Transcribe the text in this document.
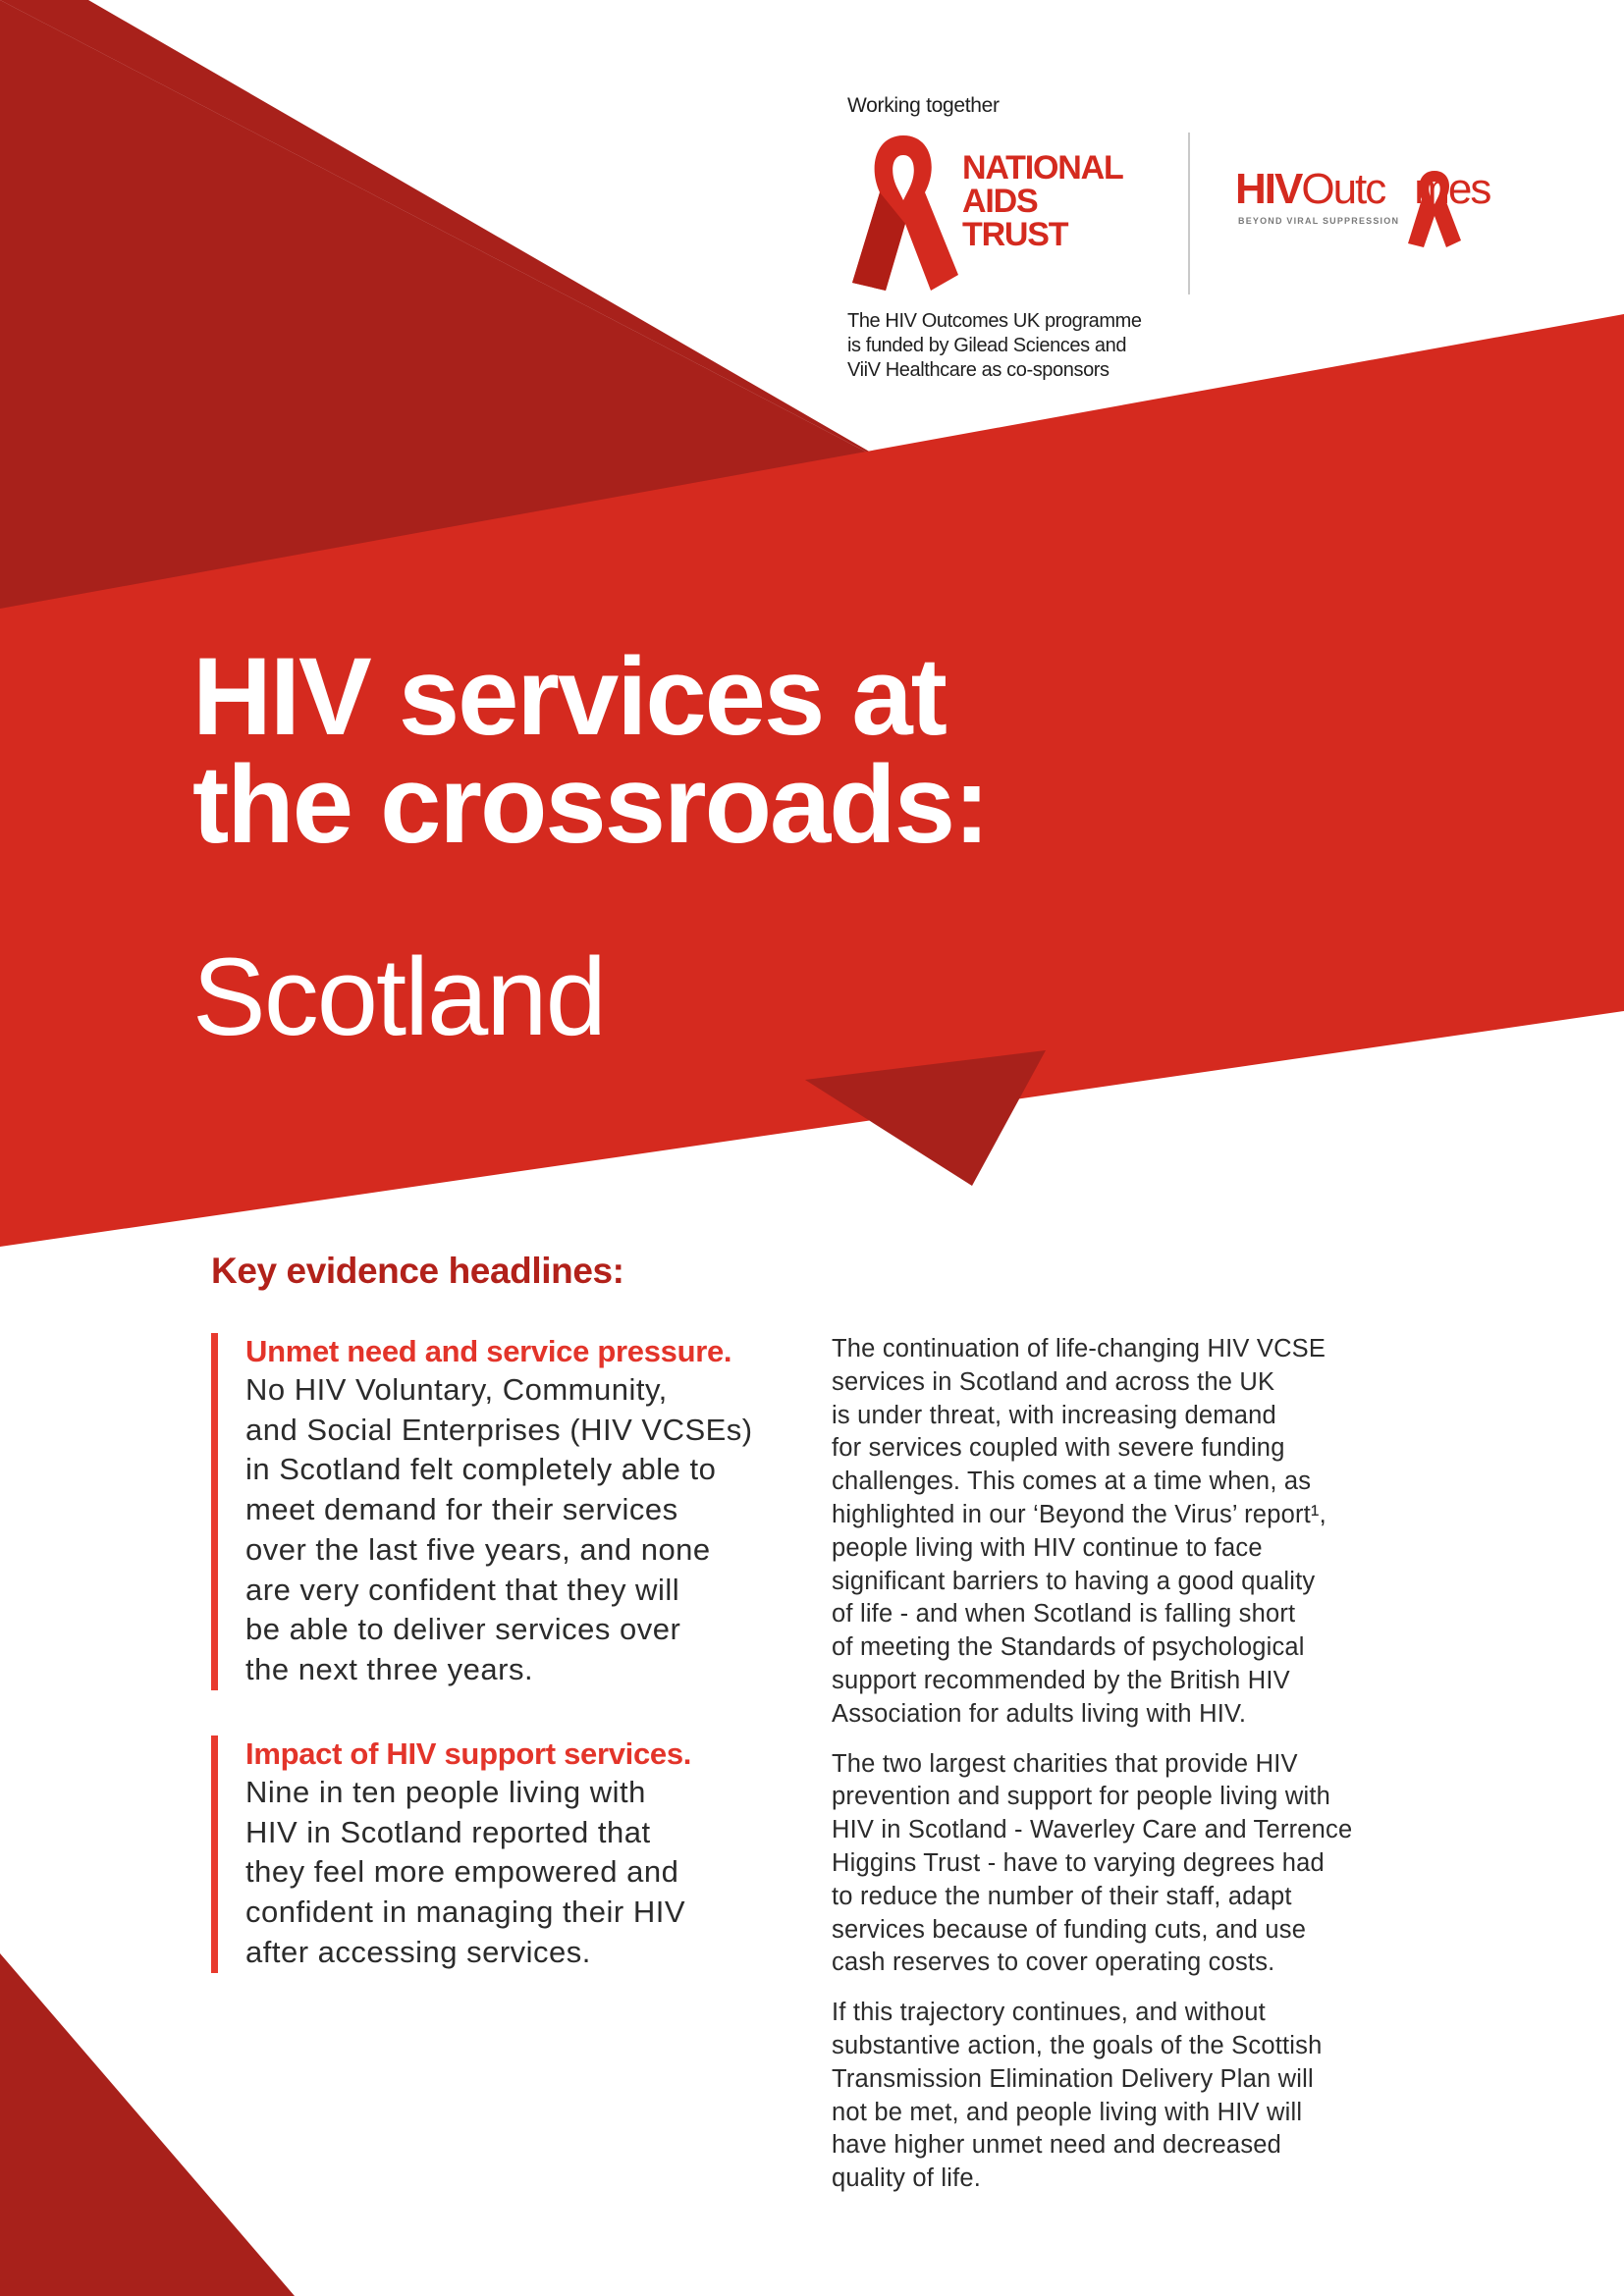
Working together
NATIONAL
AIDS
TRUST
HIVOutc mes
BEYOND VIRAL SUPPRESSION
The HIV Outcomes UK programme
is funded by Gilead Sciences and
ViiV Healthcare as co-sponsors
HIV services at
the crossroads:
Scotland
Key evidence headlines:
Unmet need and service pressure.
No HIV Voluntary, Community,
and Social Enterprises (HIV VCSEs)
in Scotland felt completely able to
meet demand for their services
over the last five years, and none
are very confident that they will
be able to deliver services over
the next three years.
Impact of HIV support services.
Nine in ten people living with
HIV in Scotland reported that
they feel more empowered and
confident in managing their HIV
after accessing services.

The continuation of life-changing HIV VCSE
services in Scotland and across the UK
is under threat, with increasing demand
for services coupled with severe funding
challenges. This comes at a time when, as
highlighted in our ‘Beyond the Virus’ report¹,
people living with HIV continue to face
significant barriers to having a good quality
of life - and when Scotland is falling short
of meeting the Standards of psychological
support recommended by the British HIV
Association for adults living with HIV.

The two largest charities that provide HIV
prevention and support for people living with
HIV in Scotland - Waverley Care and Terrence
Higgins Trust - have to varying degrees had
to reduce the number of their staff, adapt
services because of funding cuts, and use
cash reserves to cover operating costs.

If this trajectory continues, and without
substantive action, the goals of the Scottish
Transmission Elimination Delivery Plan will
not be met, and people living with HIV will
have higher unmet need and decreased
quality of life.
